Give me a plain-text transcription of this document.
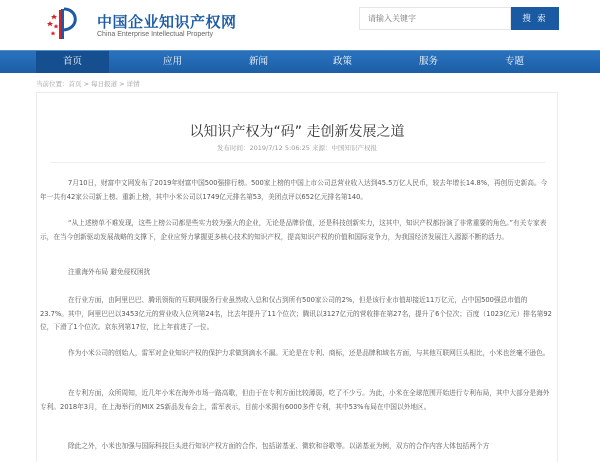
中国企业知识产权网
China Enterprise Intellectual Property
请输入关键字
搜 索
首页	应用	新闻	政策	服务	专题
当前位置：首页 > 每日报道 > 详情
以知识产权为“码” 走创新发展之道
发布时间：2019/7/12 5:06:25 来源：中国知识产权报

7月10日，财富中文网发布了2019年财富中国500强排行榜。500家上榜的中国上市公司总营业收入达到45.5万亿人民币，较去年增长14.8%，再创历史新高。今年一共有42家公司新上榜、重新上榜，其中小米公司以1749亿元排名第53，美团点评以652亿元排名第140。

“从上述榜单不难发现，这些上榜公司都是些实力较为强大的企业，无论是品牌价值，还是科技创新实力，这其中，知识产权都扮演了非常重要的角色。”有关专家表示，在当今创新驱动发展战略的支撑下，企业应努力掌握更多核心技术的知识产权，提高知识产权的价值和国际竞争力，为我国经济发展注入源源不断的活力。

注重海外布局 避免侵权困扰

在行业方面，由阿里巴巴、腾讯领衔的互联网服务行业虽然收入总和仅占到所有500家公司的2%，但是该行业市值却接近11万亿元，占中国500强总市值的23.7%。其中，阿里巴巴以3453亿元的营业收入位列第24名，比去年提升了11个位次；腾讯以3127亿元的营收排在第27名，提升了6个位次；百度（1023亿元）排名第92位，下滑了1个位次。京东列第17位，比上年前进了一位。

作为小米公司的创始人，雷军对企业知识产权的保护力求做到滴水不漏。无论是在专利、商标，还是品牌和域名方面，与其他互联网巨头相比，小米也丝毫不逊色。

在专利方面，众所周知，近几年小米在海外市场一路高歌，但由于在专利方面比较薄弱，吃了不少亏。为此，小米在全球范围开始进行专利布局，其中大部分是海外专利。2018年3月，在上海举行的MIX 2S新品发布会上，雷军表示，目前小米拥有6000多件专利，其中53%布局在中国以外地区。

除此之外，小米也加强与国际科技巨头进行知识产权方面的合作，包括诺基亚、微软和谷歌等。以诺基亚为例，双方的合作内容大体包括两个方
